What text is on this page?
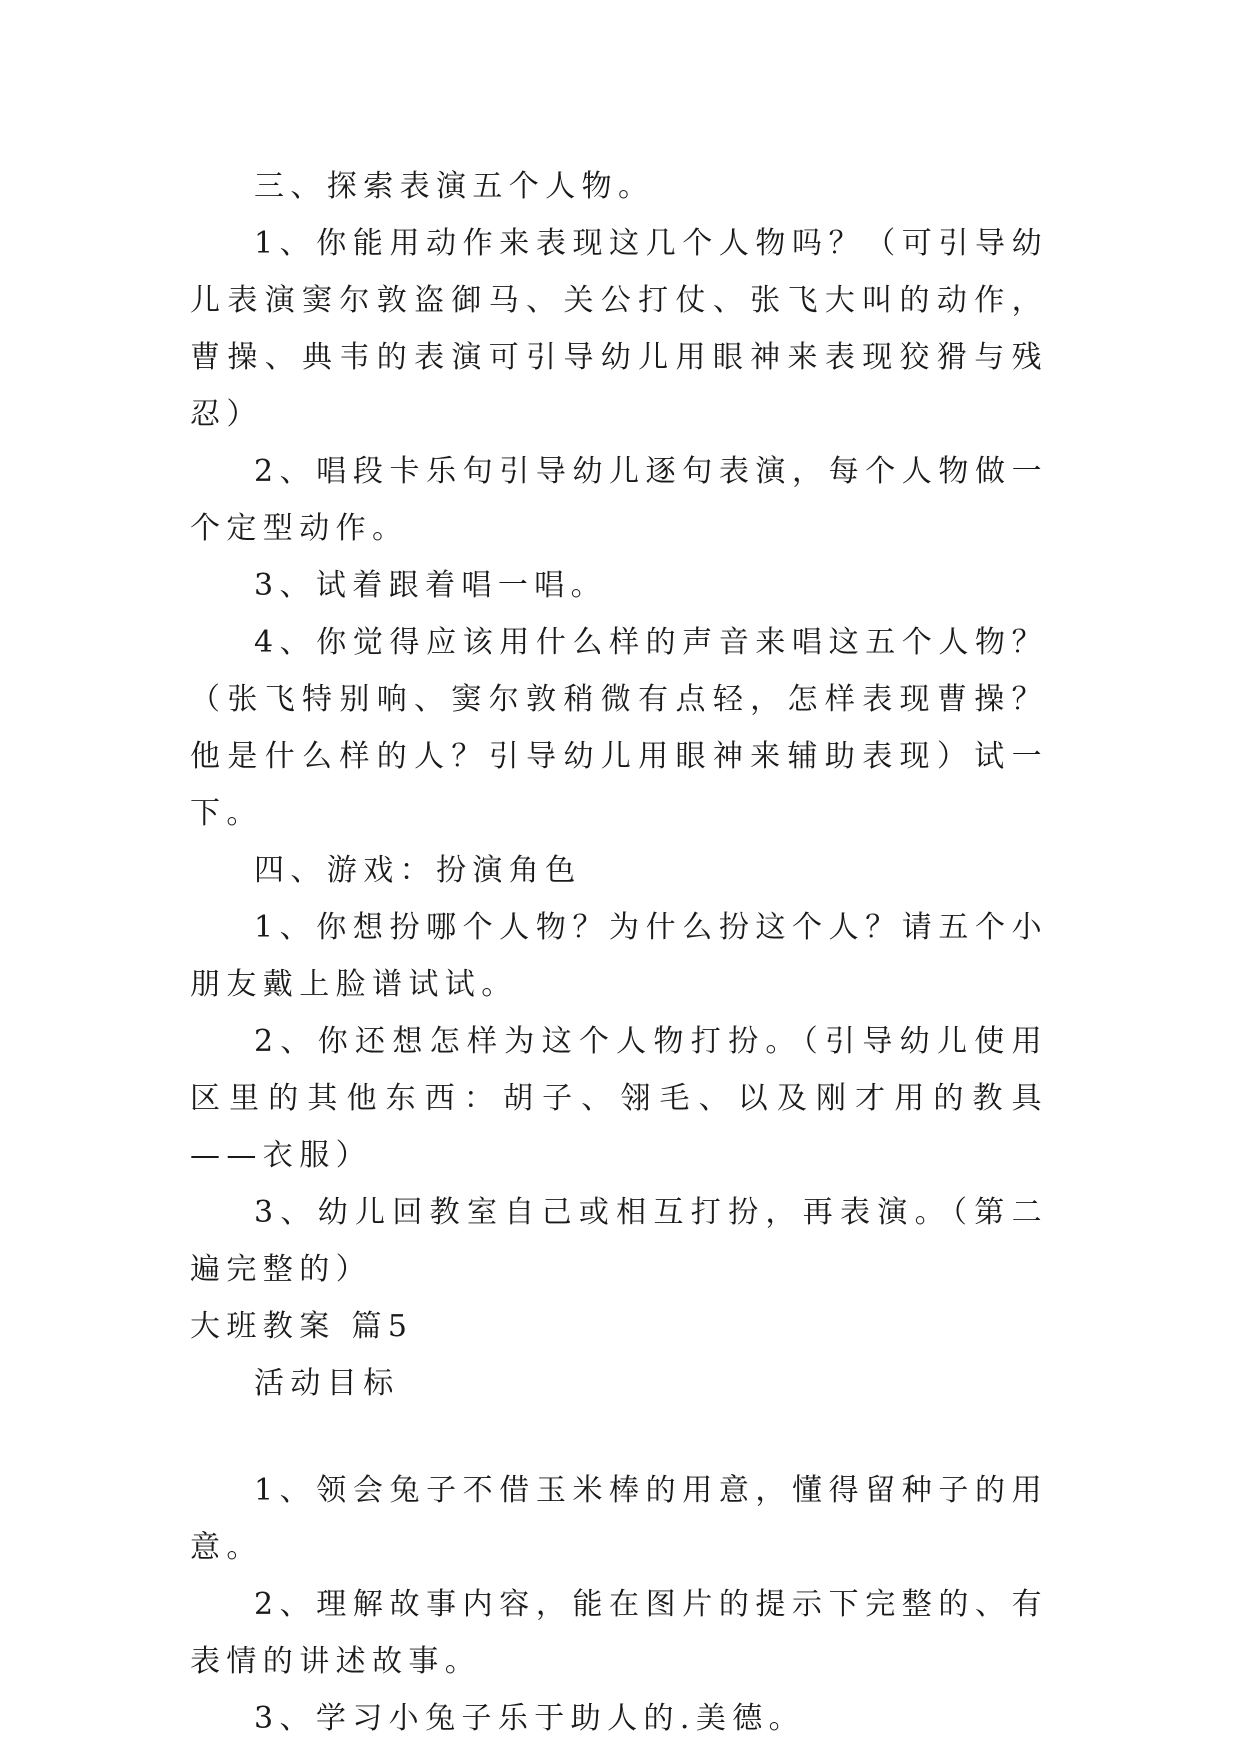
三、探索表演五个人物。

1、你能用动作来表现这几个人物吗？（可引导幼儿表演窦尔敦盗御马、关公打仗、张飞大叫的动作，曹操、典韦的表演可引导幼儿用眼神来表现狡猾与残忍）

2、唱段卡乐句引导幼儿逐句表演，每个人物做一个定型动作。

3、试着跟着唱一唱。

4、你觉得应该用什么样的声音来唱这五个人物？（张飞特别响、窦尔敦稍微有点轻，怎样表现曹操？他是什么样的人？引导幼儿用眼神来辅助表现）试一下。

四、游戏：扮演角色

1、你想扮哪个人物？为什么扮这个人？请五个小朋友戴上脸谱试试。

2、你还想怎样为这个人物打扮。（引导幼儿使用区里的其他东西：胡子、翎毛、以及刚才用的教具——衣服）

3、幼儿回教室自己或相互打扮，再表演。（第二遍完整的）

大班教案 篇5

活动目标

1、领会兔子不借玉米棒的用意，懂得留种子的用意。

2、理解故事内容，能在图片的提示下完整的、有表情的讲述故事。

3、学习小兔子乐于助人的.美德。
